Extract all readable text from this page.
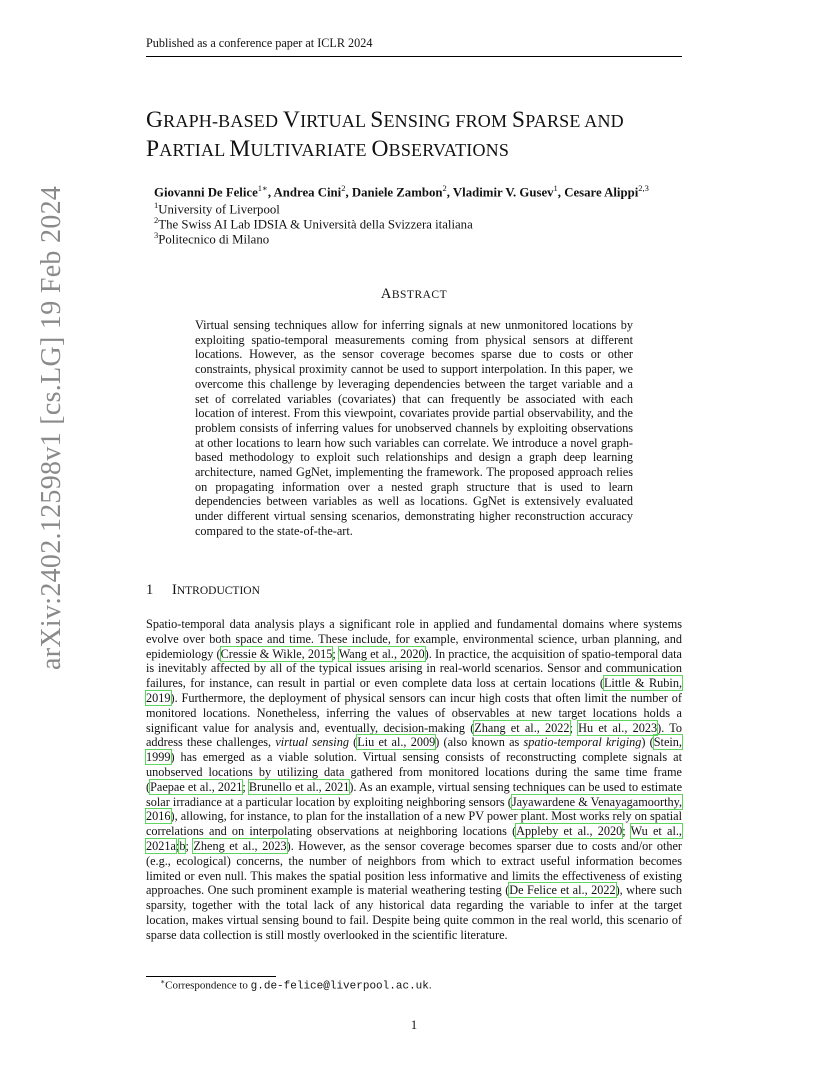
Published as a conference paper at ICLR 2024
arXiv:2402.12598v1 [cs.LG] 19 Feb 2024
GRAPH-BASED VIRTUAL SENSING FROM SPARSE AND
PARTIAL MULTIVARIATE OBSERVATIONS
Giovanni De Felice$^{1∗}$, Andrea Cini$^2$, Daniele Zambon$^2$, Vladimir V. Gusev$^1$, Cesare Alippi$^{2,3}$
$^1$University of Liverpool
$^2$The Swiss AI Lab IDSIA & Università della Svizzera italiana
$^3$Politecnico di Milano
ABSTRACT
Virtual sensing techniques allow for inferring signals at new unmonitored locations by exploiting spatio-temporal measurements coming from physical sensors at different locations. However, as the sensor coverage becomes sparse due to costs or other constraints, physical proximity cannot be used to support interpolation. In this paper, we overcome this challenge by leveraging dependencies between the target variable and a set of correlated variables (covariates) that can frequently be associated with each location of interest. From this viewpoint, covariates provide partial observability, and the problem consists of inferring values for unobserved channels by exploiting observations at other locations to learn how such variables can correlate. We introduce a novel graph-based methodology to exploit such relationships and design a graph deep learning architecture, named GgNet, implementing the framework. The proposed approach relies on propagating information over a nested graph structure that is used to learn dependencies between variables as well as locations. GgNet is extensively evaluated under different virtual sensing scenarios, demonstrating higher reconstruction accuracy compared to the state-of-the-art.
1 INTRODUCTION
Spatio-temporal data analysis plays a significant role in applied and fundamental domains where systems evolve over both space and time. These include, for example, environmental science, urban planning, and epidemiology (Cressie & Wikle, 2015; Wang et al., 2020). In practice, the acquisition of spatio-temporal data is inevitably affected by all of the typical issues arising in real-world scenarios. Sensor and communication failures, for instance, can result in partial or even complete data loss at certain locations (Little & Rubin, 2019). Furthermore, the deployment of physical sensors can incur high costs that often limit the number of monitored locations. Nonetheless, inferring the values of observables at new target locations holds a significant value for analysis and, eventually, decision-making (Zhang et al., 2022; Hu et al., 2023). To address these challenges, virtual sensing (Liu et al., 2009) (also known as spatio-temporal kriging) (Stein, 1999) has emerged as a viable solution. Virtual sensing consists of reconstructing complete signals at unobserved locations by utilizing data gathered from monitored locations during the same time frame (Paepae et al., 2021; Brunello et al., 2021). As an example, virtual sensing techniques can be used to estimate solar irradiance at a particular location by exploiting neighboring sensors (Jayawardene & Venayagamoorthy, 2016), allowing, for instance, to plan for the installation of a new PV power plant. Most works rely on spatial correlations and on interpolating observations at neighboring locations (Appleby et al., 2020; Wu et al., 2021a;b; Zheng et al., 2023). However, as the sensor coverage becomes sparser due to costs and/or other (e.g., ecological) concerns, the number of neighbors from which to extract useful information becomes limited or even null. This makes the spatial position less informative and limits the effectiveness of existing approaches. One such prominent example is material weathering testing (De Felice et al., 2022), where such sparsity, together with the total lack of any historical data regarding the variable to infer at the target location, makes virtual sensing bound to fail. Despite being quite common in the real world, this scenario of sparse data collection is still mostly overlooked in the scientific literature.
∗Correspondence to g.de-felice@liverpool.ac.uk.
1
